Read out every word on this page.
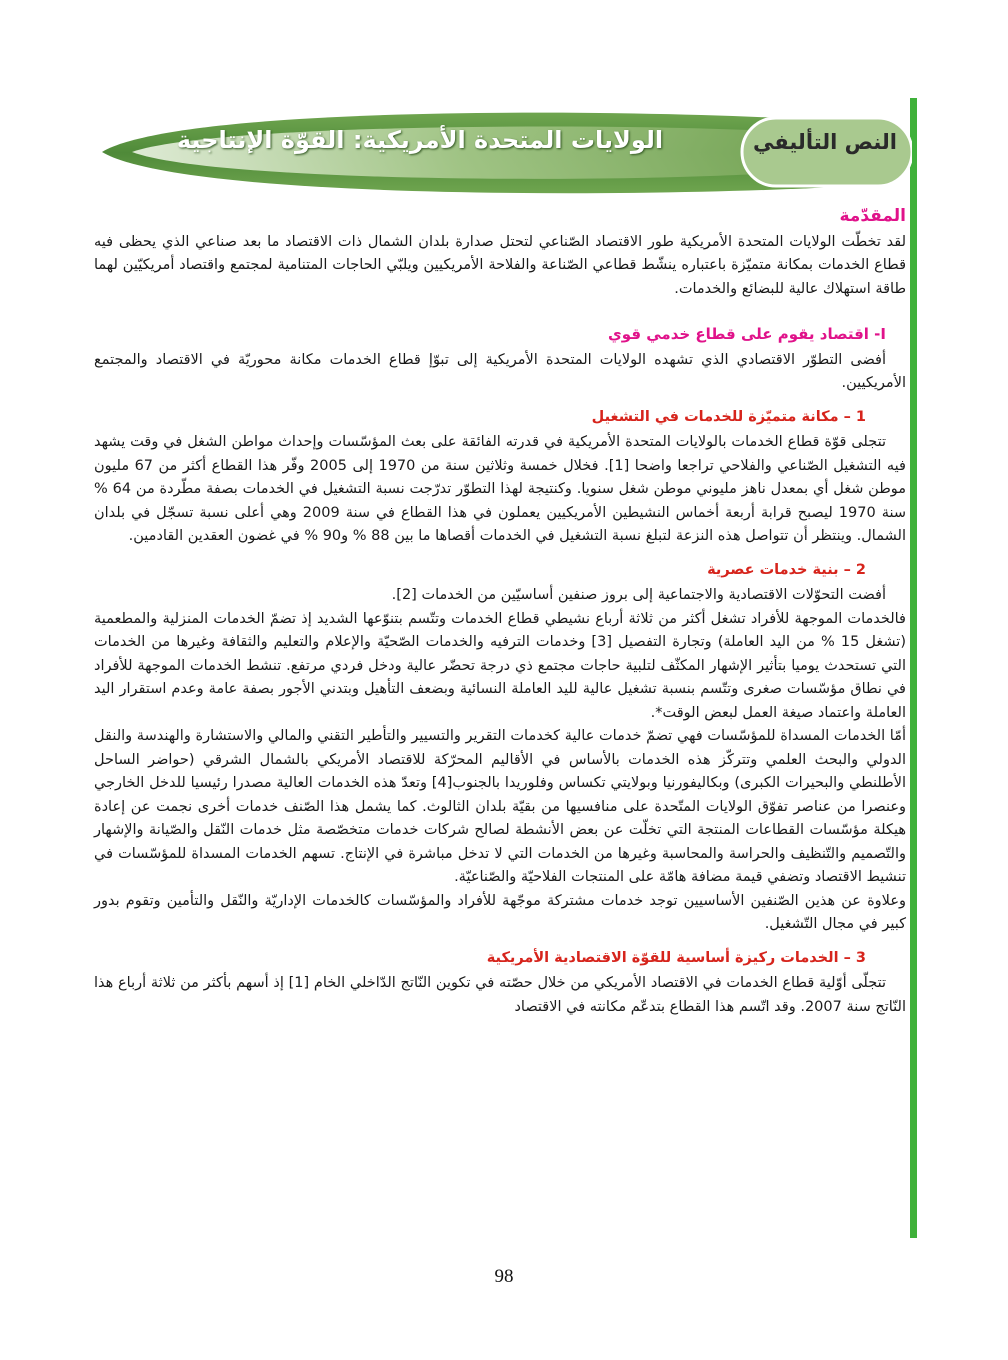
الولايات المتحدة الأمريكية: القوّة الإنتاجية	النص التأليفي
المقدّمة

لقد تخطّت الولايات المتحدة الأمريكية طور الاقتصاد الصّناعي لتحتل صدارة بلدان الشمال ذات الاقتصاد ما بعد صناعي الذي يحظى فيه قطاع الخدمات بمكانة متميّزة باعتباره ينشّط قطاعي الصّناعة والفلاحة الأمريكيين ويلبّي الحاجات المتنامية لمجتمع واقتصاد أمريكيّين لهما طاقة استهلاك عالية للبضائع والخدمات.

I- اقتصاد يقوم على قطاع خدمي قوي

أفضى التطوّر الاقتصادي الذي تشهده الولايات المتحدة الأمريكية إلى تبوّإ قطاع الخدمات مكانة محوريّة في الاقتصاد والمجتمع الأمريكيين.

1 – مكانة متميّزة للخدمات في التشغيل

تتجلى قوّة قطاع الخدمات بالولايات المتحدة الأمريكية في قدرته الفائقة على بعث المؤسّسات وإحداث مواطن الشغل في وقت يشهد فيه التشغيل الصّناعي والفلاحي تراجعا واضحا [1]. فخلال خمسة وثلاثين سنة من 1970 إلى 2005 وفّر هذا القطاع أكثر من 67 مليون موطن شغل أي بمعدل ناهز مليوني موطن شغل سنويا. وكنتيجة لهذا التطوّر تدرّجت نسبة التشغيل في الخدمات بصفة مطّردة من 64 % سنة 1970 ليصبح قرابة أربعة أخماس النشيطين الأمريكيين يعملون في هذا القطاع في سنة 2009 وهي أعلى نسبة تسجّل في بلدان الشمال. وينتظر أن تتواصل هذه النزعة لتبلغ نسبة التشغيل في الخدمات أقصاها ما بين 88 % و90 % في غضون العقدين القادمين.

2 – بنية خدمات عصرية

أفضت التحوّلات الاقتصادية والاجتماعية إلى بروز صنفين أساسيّين من الخدمات [2].

فالخدمات الموجهة للأفراد تشغل أكثر من ثلاثة أرباع نشيطي قطاع الخدمات وتتّسم بتنوّعها الشديد إذ تضمّ الخدمات المنزلية والمطعمية (تشغل 15 % من اليد العاملة) وتجارة التفصيل [3] وخدمات الترفيه والخدمات الصّحيّة والإعلام والتعليم والثقافة وغيرها من الخدمات التي تستحدث يوميا بتأثير الإشهار المكثّف لتلبية حاجات مجتمع ذي درجة تحضّر عالية ودخل فردي مرتفع. تنشط الخدمات الموجهة للأفراد في نطاق مؤسّسات صغرى وتتّسم بنسبة تشغيل عالية لليد العاملة النسائية وبضعف التأهيل وبتدني الأجور بصفة عامة وعدم استقرار اليد العاملة واعتماد صيغة العمل لبعض الوقت*.

أمّا الخدمات المسداة للمؤسّسات فهي تضمّ خدمات عالية كخدمات التقرير والتسيير والتأطير التقني والمالي والاستشارة والهندسة والنقل الدولي والبحث العلمي وتتركّز هذه الخدمات بالأساس في الأقاليم المحرّكة للاقتصاد الأمريكي بالشمال الشرقي (حواضر الساحل الأطلنطي والبحيرات الكبرى) وبكاليفورنيا وبولايتي تكساس وفلوريدا بالجنوب[4] وتعدّ هذه الخدمات العالية مصدرا رئيسيا للدخل الخارجي وعنصرا من عناصر تفوّق الولايات المتّحدة على منافسيها من بقيّة بلدان الثالوث. كما يشمل هذا الصّنف خدمات أخرى نجمت عن إعادة هيكلة مؤسّسات القطاعات المنتجة التي تخلّت عن بعض الأنشطة لصالح شركات خدمات متخصّصة مثل خدمات النّقل والصّيانة والإشهار والتّصميم والتّنظيف والحراسة والمحاسبة وغيرها من الخدمات التي لا تدخل مباشرة في الإنتاج. تسهم الخدمات المسداة للمؤسّسات في تنشيط الاقتصاد وتضفي قيمة مضافة هامّة على المنتجات الفلاحيّة والصّناعيّة.

وعلاوة عن هذين الصّنفين الأساسيين توجد خدمات مشتركة موجّهة للأفراد والمؤسّسات كالخدمات الإداريّة والنّقل والتأمين وتقوم بدور كبير في مجال التّشغيل.

3 – الخدمات ركيزة أساسية للقوّة الاقتصادية الأمريكية

تتجلّى أوّلية قطاع الخدمات في الاقتصاد الأمريكي من خلال حصّته في تكوين النّاتج الدّاخلي الخام [1] إذ أسهم بأكثر من ثلاثة أرباع هذا النّاتج سنة 2007. وقد اتّسم هذا القطاع بتدعّم مكانته في الاقتصاد

98
